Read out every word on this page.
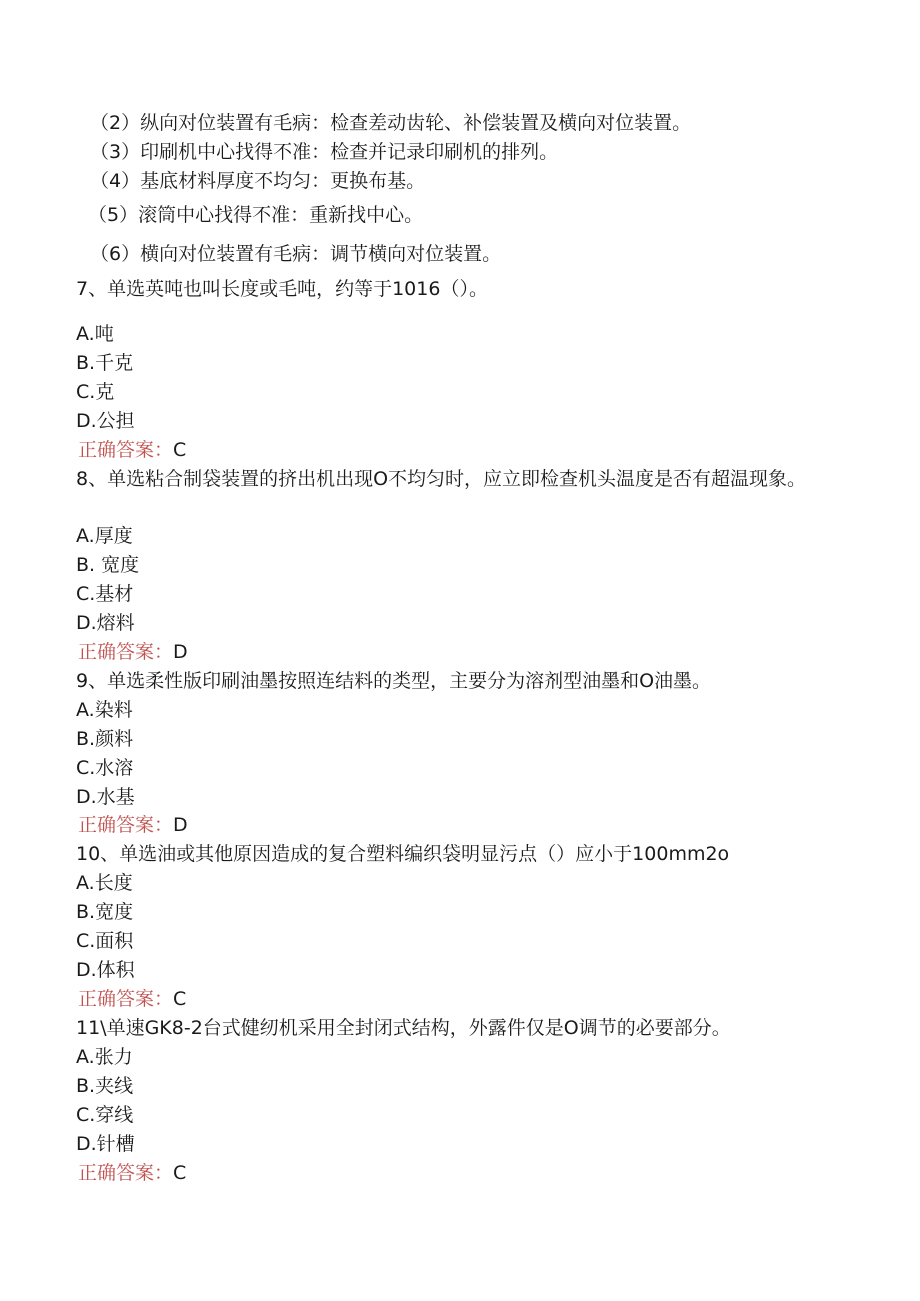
（2）纵向对位装置有毛病：检查差动齿轮、补偿装置及横向对位装置。
（3）印刷机中心找得不准：检查并记录印刷机的排列。
（4）基底材料厚度不均匀：更换布基。
（5）滚筒中心找得不准：重新找中心。
（6）横向对位装置有毛病：调节横向对位装置。
7、单选英吨也叫长度或毛吨，约等于1016（）。
A.吨
B.千克
C.克
D.公担
正确答案：C
8、单选粘合制袋装置的挤出机出现O不均匀时，应立即检查机头温度是否有超温现象。
A.厚度
B. 宽度
C.基材
D.熔料
正确答案：D
9、单选柔性版印刷油墨按照连结料的类型，主要分为溶剂型油墨和O油墨。
A.染料
B.颜料
C.水溶
D.水基
正确答案：D
10、单选油或其他原因造成的复合塑料编织袋明显污点（）应小于100mm2o
A.长度
B.宽度
C.面积
D.体积
正确答案：C
11\单速GK8-2台式健纫机采用全封闭式结构，外露件仅是O调节的必要部分。
A.张力
B.夹线
C.穿线
D.针槽
正确答案：C
